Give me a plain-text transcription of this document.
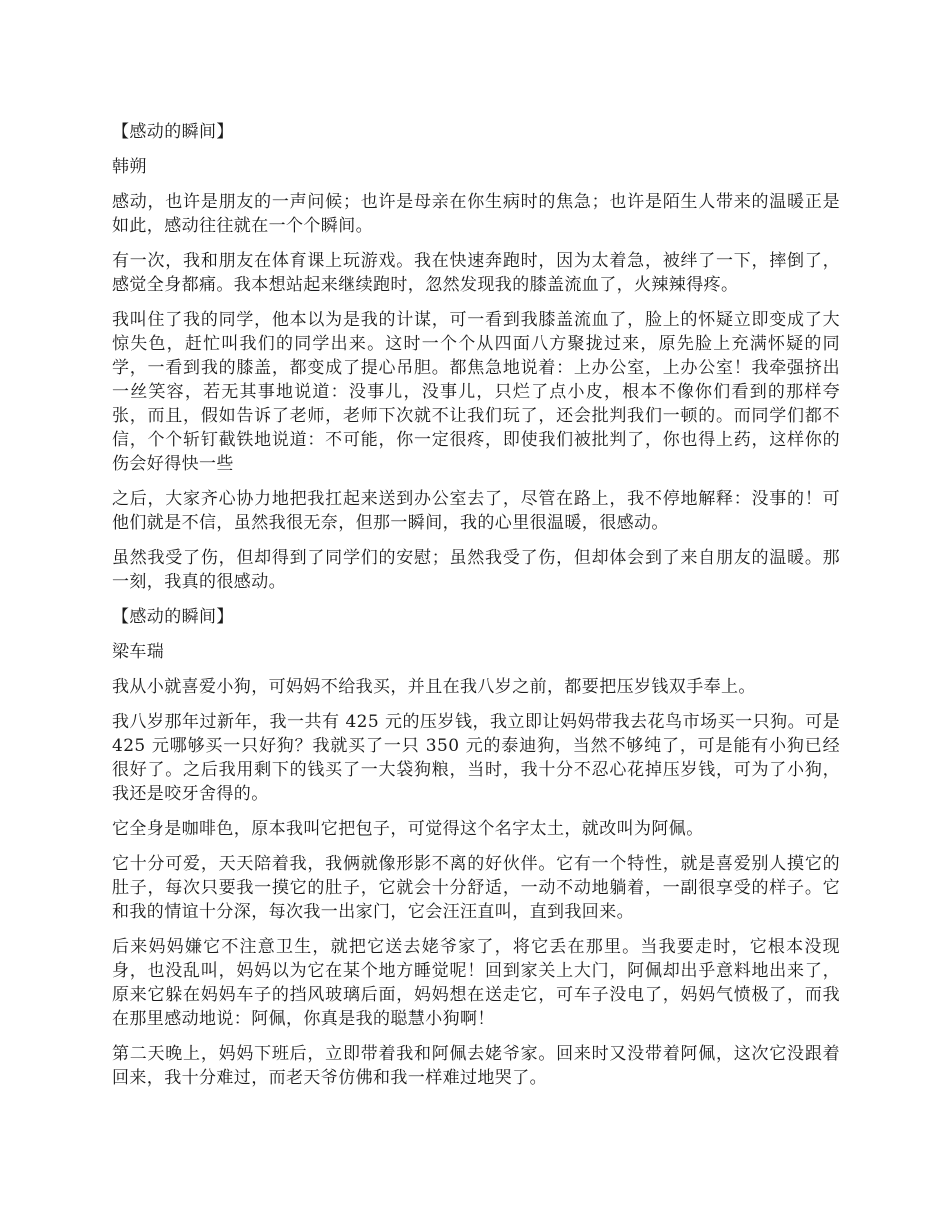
【感动的瞬间】

韩朔

感动，也许是朋友的一声问候；也许是母亲在你生病时的焦急；也许是陌生人带来的温暖正是如此，感动往往就在一个个瞬间。

有一次，我和朋友在体育课上玩游戏。我在快速奔跑时，因为太着急，被绊了一下，摔倒了，感觉全身都痛。我本想站起来继续跑时，忽然发现我的膝盖流血了，火辣辣得疼。

我叫住了我的同学，他本以为是我的计谋，可一看到我膝盖流血了，脸上的怀疑立即变成了大惊失色，赶忙叫我们的同学出来。这时一个个从四面八方聚拢过来，原先脸上充满怀疑的同学，一看到我的膝盖，都变成了提心吊胆。都焦急地说着：上办公室，上办公室！我牵强挤出一丝笑容，若无其事地说道：没事儿，没事儿，只烂了点小皮，根本不像你们看到的那样夸张，而且，假如告诉了老师，老师下次就不让我们玩了，还会批判我们一顿的。而同学们都不信，个个斩钉截铁地说道：不可能，你一定很疼，即使我们被批判了，你也得上药，这样你的伤会好得快一些

之后，大家齐心协力地把我扛起来送到办公室去了，尽管在路上，我不停地解释：没事的！可他们就是不信，虽然我很无奈，但那一瞬间，我的心里很温暖，很感动。

虽然我受了伤，但却得到了同学们的安慰；虽然我受了伤，但却体会到了来自朋友的温暖。那一刻，我真的很感动。

【感动的瞬间】

梁车瑞

我从小就喜爱小狗，可妈妈不给我买，并且在我八岁之前，都要把压岁钱双手奉上。

我八岁那年过新年，我一共有 425 元的压岁钱，我立即让妈妈带我去花鸟市场买一只狗。可是 425 元哪够买一只好狗？我就买了一只 350 元的泰迪狗，当然不够纯了，可是能有小狗已经很好了。之后我用剩下的钱买了一大袋狗粮，当时，我十分不忍心花掉压岁钱，可为了小狗，我还是咬牙舍得的。

它全身是咖啡色，原本我叫它把包子，可觉得这个名字太土，就改叫为阿佩。

它十分可爱，天天陪着我，我俩就像形影不离的好伙伴。它有一个特性，就是喜爱别人摸它的肚子，每次只要我一摸它的肚子，它就会十分舒适，一动不动地躺着，一副很享受的样子。它和我的情谊十分深，每次我一出家门，它会汪汪直叫，直到我回来。

后来妈妈嫌它不注意卫生，就把它送去姥爷家了，将它丢在那里。当我要走时，它根本没现身，也没乱叫，妈妈以为它在某个地方睡觉呢！回到家关上大门，阿佩却出乎意料地出来了，原来它躲在妈妈车子的挡风玻璃后面，妈妈想在送走它，可车子没电了，妈妈气愤极了，而我在那里感动地说：阿佩，你真是我的聪慧小狗啊！

第二天晚上，妈妈下班后，立即带着我和阿佩去姥爷家。回来时又没带着阿佩，这次它没跟着回来，我十分难过，而老天爷仿佛和我一样难过地哭了。
